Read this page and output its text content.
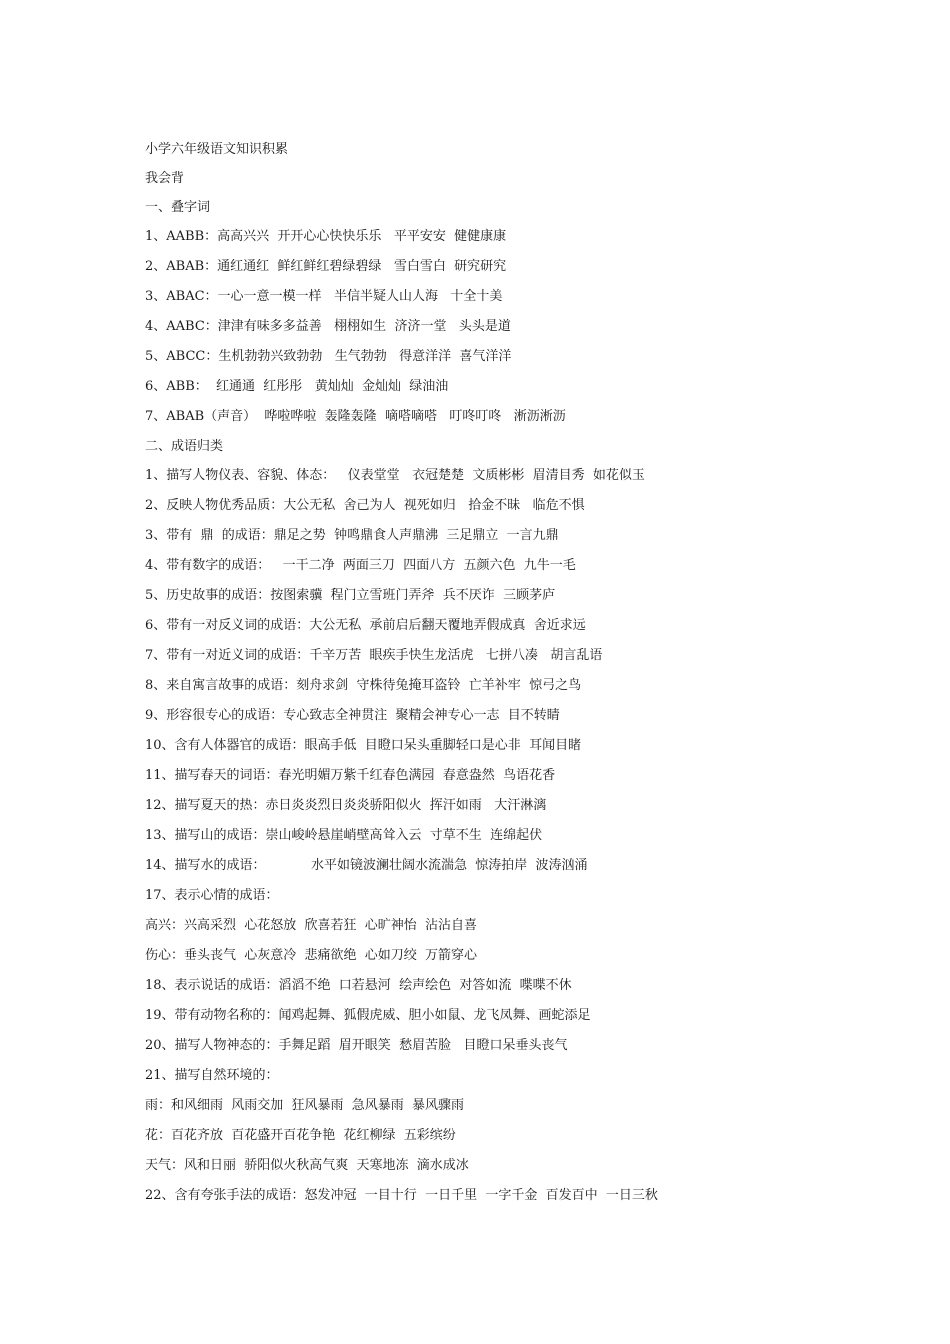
小学六年级语文知识积累

我会背

一、叠字词

1、AABB：高高兴兴  开开心心快快乐乐   平平安安  健健康康

2、ABAB：通红通红  鲜红鲜红碧绿碧绿   雪白雪白  研究研究

3、ABAC：一心一意一模一样   半信半疑人山人海   十全十美

4、AABC：津津有味多多益善   栩栩如生  济济一堂   头头是道

5、ABCC：生机勃勃兴致勃勃   生气勃勃   得意洋洋  喜气洋洋

6、ABB：  红通通  红彤彤   黄灿灿  金灿灿  绿油油

7、ABAB（声音）  哗啦哗啦  轰隆轰隆  嘀嗒嘀嗒   叮咚叮咚   淅沥淅沥

二、成语归类

1、描写人物仪表、容貌、体态：   仪表堂堂   衣冠楚楚  文质彬彬  眉清目秀  如花似玉

2、反映人物优秀品质：大公无私  舍己为人  视死如归   拾金不昧   临危不惧

3、带有  鼎  的成语：鼎足之势  钟鸣鼎食人声鼎沸  三足鼎立  一言九鼎

4、带有数字的成语：   一干二净  两面三刀  四面八方  五颜六色  九牛一毛

5、历史故事的成语：按图索骥  程门立雪班门弄斧  兵不厌诈  三顾茅庐

6、带有一对反义词的成语：大公无私  承前启后翻天覆地弄假成真  舍近求远

7、带有一对近义词的成语：千辛万苦  眼疾手快生龙活虎   七拼八凑   胡言乱语

8、来自寓言故事的成语：刻舟求剑  守株待兔掩耳盗铃  亡羊补牢  惊弓之鸟

9、形容很专心的成语：专心致志全神贯注  聚精会神专心一志  目不转睛

10、含有人体器官的成语：眼高手低  目瞪口呆头重脚轻口是心非  耳闻目睹

11、描写春天的词语：春光明媚万紫千红春色满园  春意盎然  鸟语花香

12、描写夏天的热：赤日炎炎烈日炎炎骄阳似火  挥汗如雨   大汗淋漓

13、描写山的成语：崇山峻岭悬崖峭壁高耸入云  寸草不生  连绵起伏

14、描写水的成语：           水平如镜波澜壮阔水流湍急  惊涛拍岸  波涛汹涌

17、表示心情的成语：

高兴：兴高采烈  心花怒放  欣喜若狂  心旷神怡  沾沾自喜

伤心：垂头丧气  心灰意冷  悲痛欲绝  心如刀绞  万箭穿心

18、表示说话的成语：滔滔不绝  口若悬河  绘声绘色  对答如流  喋喋不休

19、带有动物名称的：闻鸡起舞、狐假虎威、胆小如鼠、龙飞凤舞、画蛇添足

20、描写人物神态的：手舞足蹈  眉开眼笑  愁眉苦脸   目瞪口呆垂头丧气

21、描写自然环境的：

雨：和风细雨  风雨交加  狂风暴雨  急风暴雨  暴风骤雨

花：百花齐放  百花盛开百花争艳  花红柳绿  五彩缤纷

天气：风和日丽  骄阳似火秋高气爽  天寒地冻  滴水成冰

22、含有夸张手法的成语：怒发冲冠  一目十行  一日千里  一字千金  百发百中  一日三秋
